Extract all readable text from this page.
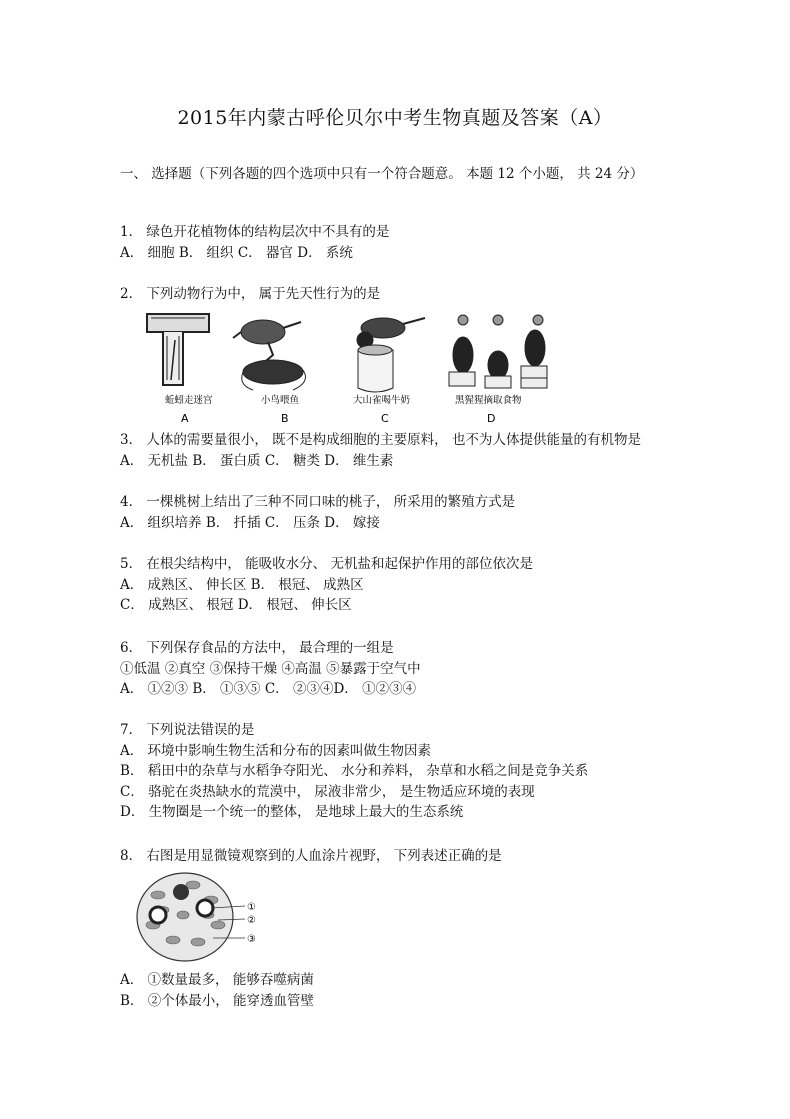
2015年内蒙古呼伦贝尔中考生物真题及答案（A）
一、 选择题（下列各题的四个选项中只有一个符合题意。 本题 12 个小题， 共 24 分）
1． 绿色开花植物体的结构层次中不具有的是
A． 细胞 B． 组织 C． 器官 D． 系统
2． 下列动物行为中， 属于先天性行为的是
蚯蚓走迷宫	小鸟喂鱼	大山雀喝牛奶	黑猩猩摘取食物
A	B	C	D
3． 人体的需要量很小， 既不是构成细胞的主要原料， 也不为人体提供能量的有机物是
A． 无机盐 B． 蛋白质 C． 糖类 D． 维生素
4． 一棵桃树上结出了三种不同口味的桃子， 所采用的繁殖方式是
A． 组织培养 B． 扦插 C． 压条 D． 嫁接
5． 在根尖结构中， 能吸收水分、 无机盐和起保护作用的部位依次是
A． 成熟区、 伸长区 B． 根冠、 成熟区
C． 成熟区、 根冠 D． 根冠、 伸长区
6． 下列保存食品的方法中， 最合理的一组是
①低温 ②真空 ③保持干燥 ④高温 ⑤暴露于空气中
A． ①②③ B． ①③⑤ C． ②③④D． ①②③④
7． 下列说法错误的是
A． 环境中影响生物生活和分布的因素叫做生物因素
B． 稻田中的杂草与水稻争夺阳光、 水分和养料， 杂草和水稻之间是竞争关系
C． 骆驼在炎热缺水的荒漠中， 尿液非常少， 是生物适应环境的表现
D． 生物圈是一个统一的整体， 是地球上最大的生态系统
8． 右图是用显微镜观察到的人血涂片视野， 下列表述正确的是
①
②
③
A． ①数量最多， 能够吞噬病菌
B． ②个体最小， 能穿透血管壁
